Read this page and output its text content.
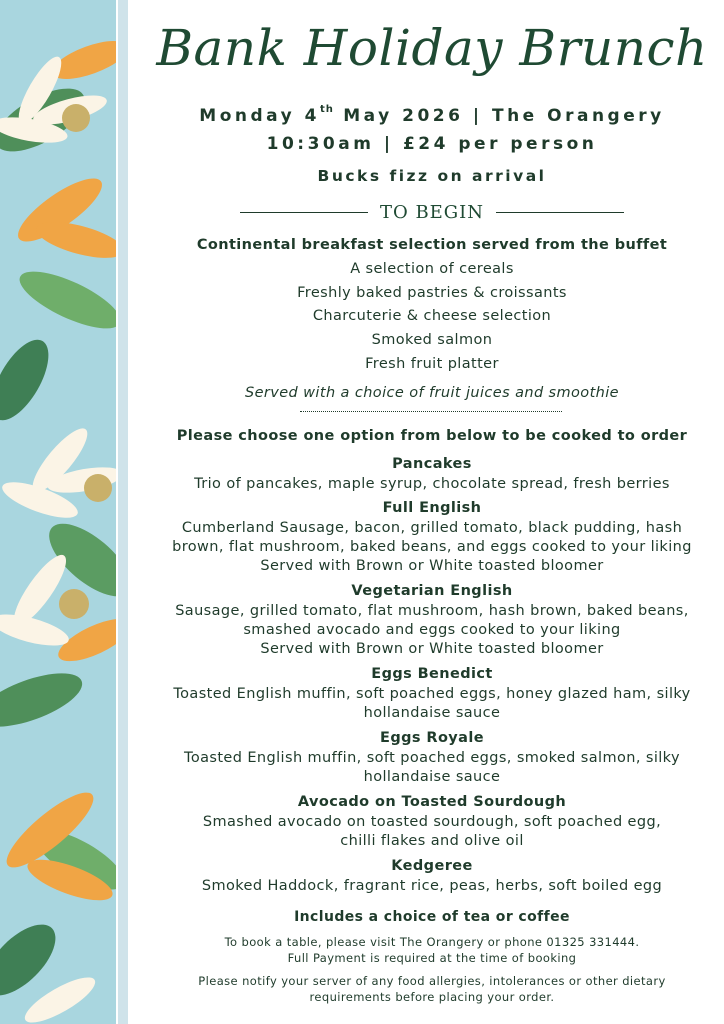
Bank Holiday Brunch
Monday 4th May 2026 | The Orangery
10:30am | £24 per person
Bucks fizz on arrival
TO BEGIN
Continental breakfast selection served from the buffet
A selection of cereals
Freshly baked pastries & croissants
Charcuterie & cheese selection
Smoked salmon
Fresh fruit platter
Served with a choice of fruit juices and smoothie
Please choose one option from below to be cooked to order
Pancakes
Trio of pancakes, maple syrup, chocolate spread, fresh berries
Full English
Cumberland Sausage, bacon, grilled tomato, black pudding, hash
brown, flat mushroom, baked beans, and eggs cooked to your liking
Served with Brown or White toasted bloomer
Vegetarian English
Sausage, grilled tomato, flat mushroom, hash brown, baked beans,
smashed avocado and eggs cooked to your liking
Served with Brown or White toasted bloomer
Eggs Benedict
Toasted English muffin, soft poached eggs, honey glazed ham, silky
hollandaise sauce
Eggs Royale
Toasted English muffin, soft poached eggs, smoked salmon, silky
hollandaise sauce
Avocado on Toasted Sourdough
Smashed avocado on toasted sourdough, soft poached egg,
chilli flakes and olive oil
Kedgeree
Smoked Haddock, fragrant rice, peas, herbs, soft boiled egg
Includes a choice of tea or coffee
To book a table, please visit The Orangery or phone 01325 331444.
Full Payment is required at the time of booking
Please notify your server of any food allergies, intolerances or other dietary
requirements before placing your order.
